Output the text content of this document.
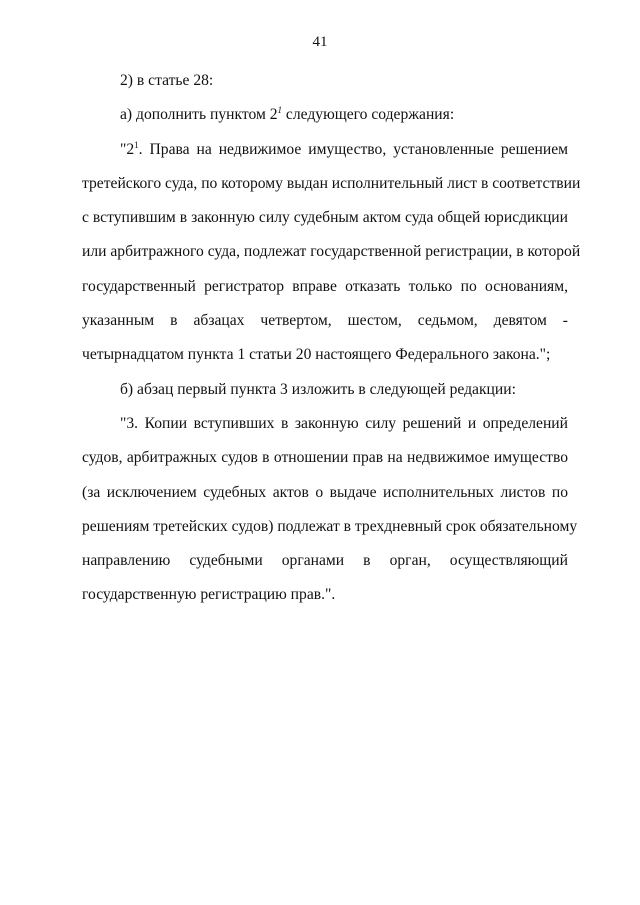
41

2) в статье 28:

а) дополнить пунктом $2^1$ следующего содержания:

"$2^1$. Права на недвижимое имущество, установленные решением
третейского суда, по которому выдан исполнительный лист в соответствии
с вступившим в законную силу судебным актом суда общей юрисдикции
или арбитражного суда, подлежат государственной регистрации, в которой
государственный регистратор вправе отказать только по основаниям,
указанным в абзацах четвертом, шестом, седьмом, девятом -
четырнадцатом пункта 1 статьи 20 настоящего Федерального закона.";

б) абзац первый пункта 3 изложить в следующей редакции:

"3. Копии вступивших в законную силу решений и определений
судов, арбитражных судов в отношении прав на недвижимое имущество
(за исключением судебных актов о выдаче исполнительных листов по
решениям третейских судов) подлежат в трехдневный срок обязательному
направлению судебными органами в орган, осуществляющий
государственную регистрацию прав.".
